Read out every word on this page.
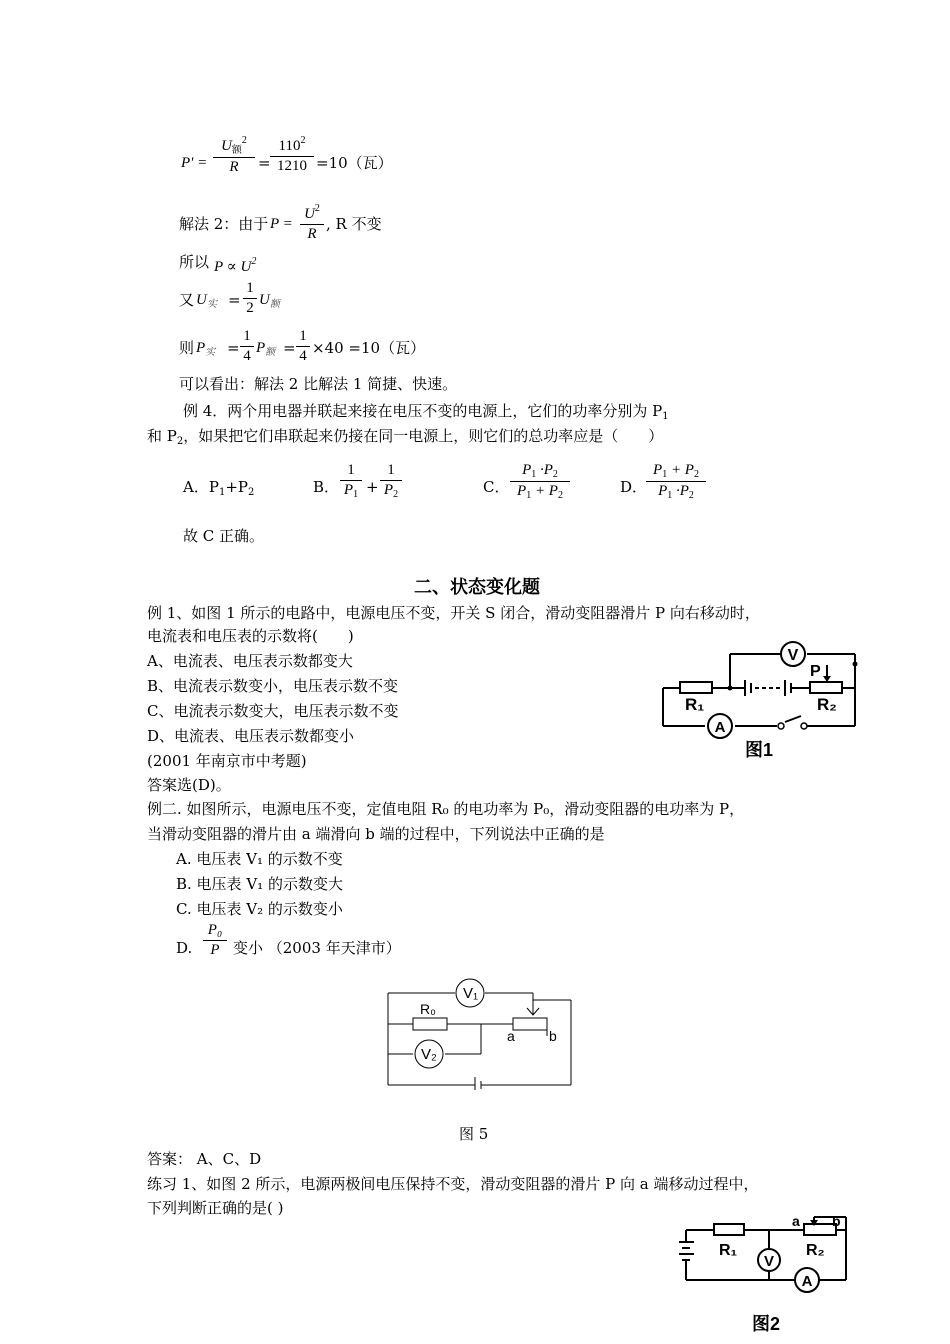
P' =
$U_额^2$
R	=
$110^2$
1210 =10（瓦）
解法 2：由于 P =
$U^2$
R
, R 不变
所以 $P \propto U^2$
又 $U_实$ =
1
2 $U_额$
则 $P_实$ =
1
4 $P_额$ =
1
4 ×40 =10（瓦）
可以看出：解法 2 比解法 1 简捷、快速。
例 4．两个用电器并联起来接在电压不变的电源上，它们的功率分别为 $P_1$
和 $P_2$，如果把它们串联起来仍接在同一电源上，则它们的总功率应是（　　）
A．$P_1+P_2$	B．
1
$P_1$ +
1
$P_2$	C．
$P_1 \cdot P_2$
$P_1 + P_2$	D．
$P_1 + P_2$
$P_1 \cdot P_2$
故 C 正确。
二、状态变化题
例 1、如图 1 所示的电路中，电源电压不变，开关 S 闭合，滑动变阻器滑片 P 向右移动时，
电流表和电压表的示数将(　　)
A、电流表、电压表示数都变大
B、电流表示数变小，电压表示数不变
C、电流表示数变大，电压表示数不变
D、电流表、电压表示数都变小
(2001 年南京市中考题)
答案选(D)。
V
A
R₁	R₂
P
图1
例二. 如图所示，电源电压不变，定值电阻 R₀ 的电功率为 P₀，滑动变阻器的电功率为 P，
当滑动变阻器的滑片由 a 端滑向 b 端的过程中，下列说法中正确的是
A. 电压表 V₁ 的示数不变
B. 电压表 V₁ 的示数变大
C. 电压表 V₂ 的示数变小
D.
P₀
P 变小 （2003 年天津市）
V₁
V₂
R₀
a b
图 5
答案： A、C、D
练习 1、如图 2 所示，电源两极间电压保持不变，滑动变阻器的滑片 P 向 a 端移动过程中，
下列判断正确的是( )
V
A
R₁	R₂
a b
图2
